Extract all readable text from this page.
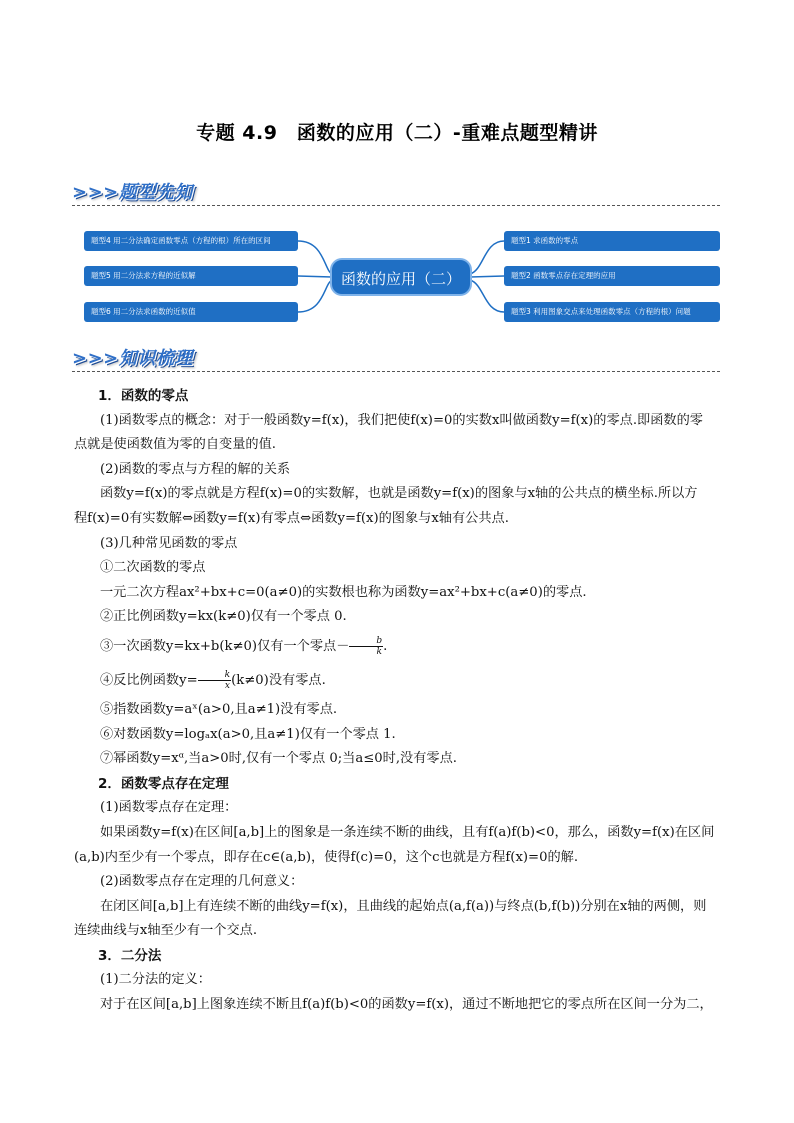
专题 4.9　函数的应用（二）-重难点题型精讲
>>>题型先知
题型4 用二分法确定函数零点（方程的根）所在的区间
题型5 用二分法求方程的近似解
题型6 用二分法求函数的近似值
函数的应用（二）
题型1 求函数的零点
题型2 函数零点存在定理的应用
题型3 利用图象交点来处理函数零点（方程的根）问题
>>>知识梳理

1．函数的零点

(1)函数零点的概念：对于一般函数y=f(x)，我们把使f(x)=0的实数x叫做函数y=f(x)的零点.即函数的零

点就是使函数值为零的自变量的值.

(2)函数的零点与方程的解的关系

函数y=f(x)的零点就是方程f(x)=0的实数解，也就是函数y=f(x)的图象与x轴的公共点的横坐标.所以方

程f(x)=0有实数解⇔函数y=f(x)有零点⇔函数y=f(x)的图象与x轴有公共点.

(3)几种常见函数的零点

①二次函数的零点

一元二次方程ax²+bx+c=0(a≠0)的实数根也称为函数y=ax²+bx+c(a≠0)的零点.

②正比例函数y=kx(k≠0)仅有一个零点 0.

③一次函数y=kx+b(k≠0)仅有一个零点－ $\frac{b}{k}$ .

④反比例函数$y= \frac{k}{x} (k\ne 0)$没有零点.

⑤指数函数y=aˣ(a>0,且a≠1)没有零点.

⑥对数函数y=logₐx(a>0,且a≠1)仅有一个零点 1.

⑦幂函数y=xᵅ,当a>0时,仅有一个零点 0;当a≤0时,没有零点.

2．函数零点存在定理

(1)函数零点存在定理：

如果函数y=f(x)在区间[a,b]上的图象是一条连续不断的曲线，且有f(a)f(b)<0，那么，函数y=f(x)在区间

(a,b)内至少有一个零点，即存在c∈(a,b)，使得f(c)=0，这个c也就是方程f(x)=0的解.

(2)函数零点存在定理的几何意义：

在闭区间[a,b]上有连续不断的曲线y=f(x)，且曲线的起始点(a,f(a))与终点(b,f(b))分别在x轴的两侧，则

连续曲线与x轴至少有一个交点.

3．二分法

(1)二分法的定义：

对于在区间[a,b]上图象连续不断且f(a)f(b)<0的函数y=f(x)，通过不断地把它的零点所在区间一分为二，
